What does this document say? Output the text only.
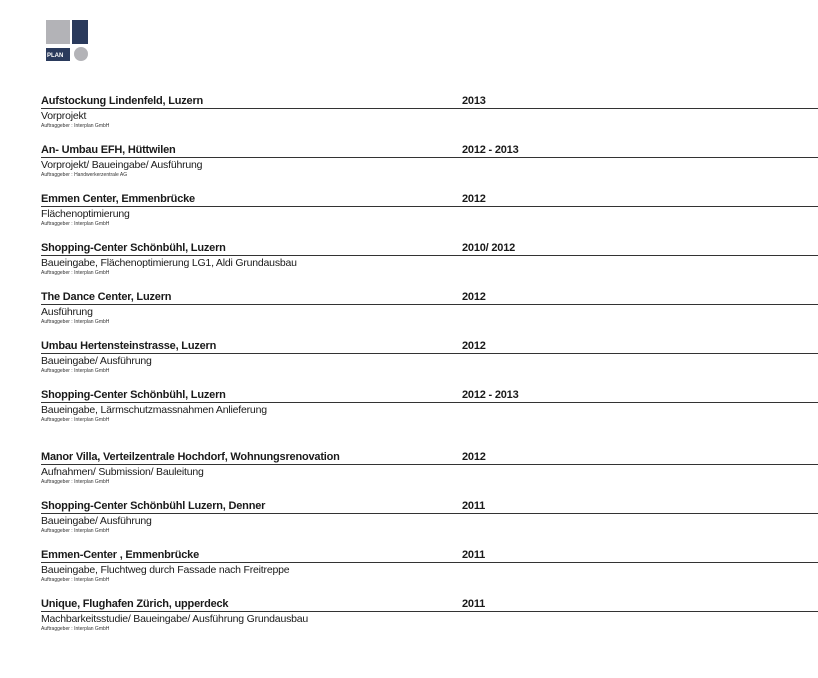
atelier
PLAN
Aufstockung Lindenfeld, Luzern	2013
Vorprojekt
Auftraggeber : Interplan GmbH
An- Umbau EFH, Hüttwilen	2012 - 2013
Vorprojekt/ Baueingabe/ Ausführung
Auftraggeber : Handwerkerzentrale AG
Emmen Center, Emmenbrücke	2012
Flächenoptimierung
Auftraggeber : Interplan GmbH
Shopping-Center Schönbühl, Luzern	2010/ 2012
Baueingabe, Flächenoptimierung LG1, Aldi Grundausbau
Auftraggeber : Interplan GmbH
The Dance Center, Luzern	2012
Ausführung
Auftraggeber : Interplan GmbH
Umbau Hertensteinstrasse, Luzern	2012
Baueingabe/ Ausführung
Auftraggeber : Interplan GmbH
Shopping-Center Schönbühl, Luzern	2012 - 2013
Baueingabe, Lärmschutzmassnahmen Anlieferung
Auftraggeber : Interplan GmbH
Manor Villa, Verteilzentrale Hochdorf, Wohnungsrenovation	2012
Aufnahmen/ Submission/ Bauleitung
Auftraggeber : Interplan GmbH
Shopping-Center Schönbühl Luzern, Denner	2011
Baueingabe/ Ausführung
Auftraggeber : Interplan GmbH
Emmen-Center , Emmenbrücke	2011
Baueingabe, Fluchtweg durch Fassade nach Freitreppe
Auftraggeber : Interplan GmbH
Unique, Flughafen Zürich, upperdeck	2011
Machbarkeitsstudie/ Baueingabe/ Ausführung Grundausbau
Auftraggeber : Interplan GmbH
